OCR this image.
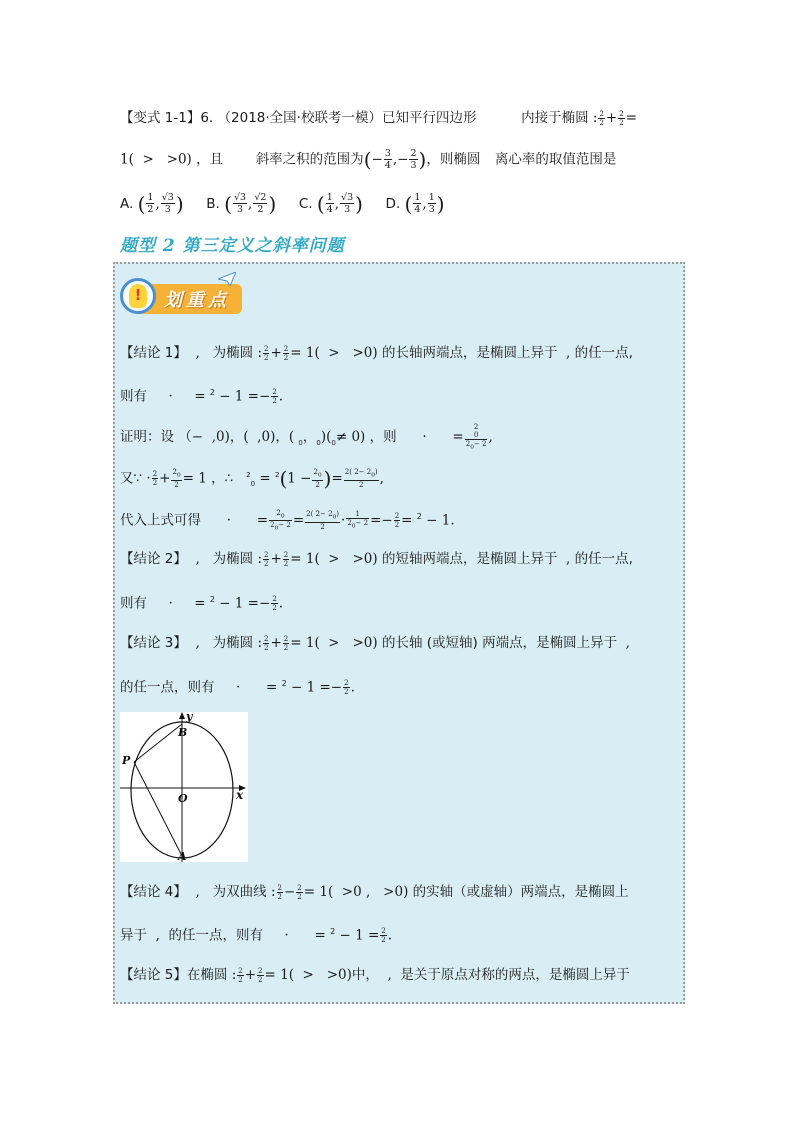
【变式 1-1】6. （2018·全国·校联考一模）已知平行四边形	内接于椭圆 : $\frac{2}{2} + \frac{2}{2}$ =
1(  >   >0) ，且 斜率之积的范围为(− $\frac{3}{4}$ ,− $\frac{2}{3}$ )，则椭圆 离心率的取值范围是
A. ( $\frac{1}{2}$ , $\frac{√3}{3}$ ) B. ( $\frac{√3}{3}$ , $\frac{√2}{2}$ ) C. ( $\frac{1}{4}$ , $\frac{√3}{3}$ ) D. ( $\frac{1}{4}$ , $\frac{1}{3}$ )
题型 2 第三定义之斜率问题
!	划重点
【结论 1】  ,   为椭圆 : $\frac{2}{2} + \frac{2}{2} = 1( > >0)$ 的长轴两端点，是椭圆上异于  , 的任一点,
则有     ·     = $^2 - 1 =- \frac{2}{2}$ .
证明：设 （−  ,0)，(  ,0)，( $_0$，$_0)(_0\ne 0)$ ，则      ·      =
2
0
$2_0- 2$ ,
又∵ · $\frac{2}{2} + \frac{2_0}{2} = 1$ ，∴ $^2_0 = ^2(1 - \frac{2_0}{2}$ )= $\frac{2( 2- 2_0)}{2}$ ,
代入上式可得      ·      = $\frac{2_0}{2_0- 2} = \frac{2( 2- 2_0)}{2} \cdot \frac{1}{2_0- 2} =- \frac{2}{2} = ^2 - 1$.
【结论 2】  ,   为椭圆 : $\frac{2}{2} + \frac{2}{2} = 1( > >0)$ 的短轴两端点，是椭圆上异于  , 的任一点,
则有     ·     = $^2 - 1 =- \frac{2}{2}$ .
【结论 3】  ,   为椭圆 : $\frac{2}{2} + \frac{2}{2} = 1( > >0)$ 的长轴 (或短轴) 两端点，是椭圆上异于  ,
的任一点，则有     ·      = $^2 - 1 =- \frac{2}{2}$ .
y
x
O
B
A
P
【结论 4】  ,   为双曲线 : $\frac{2}{2} - \frac{2}{2} = 1( >0$ ,   >0) 的实轴（或虚轴）两端点，是椭圆上
异于  ,  的任一点，则有     ·      = $^2 - 1 = \frac{2}{2}$ .
【结论 5】在椭圆 : $\frac{2}{2} + \frac{2}{2} = 1( > >0)$中，  ,  是关于原点对称的两点，是椭圆上异于
